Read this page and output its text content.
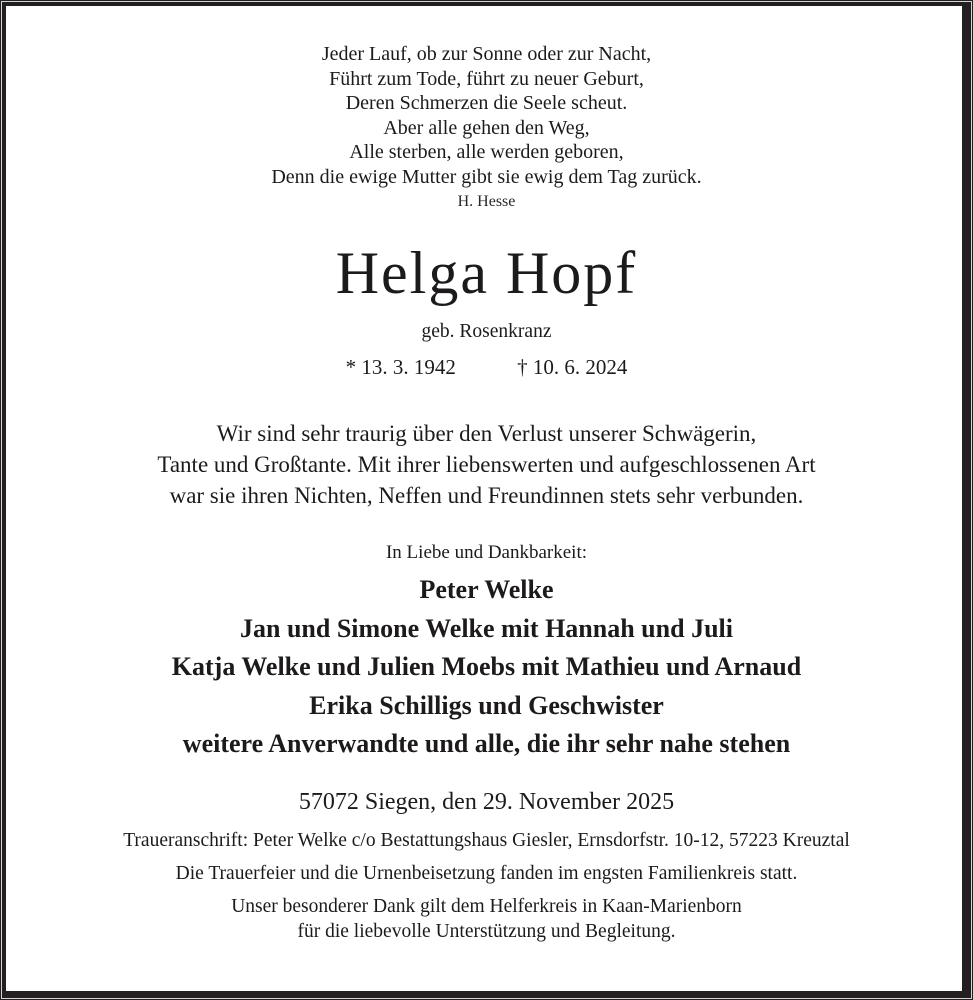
Jeder Lauf, ob zur Sonne oder zur Nacht,
Führt zum Tode, führt zu neuer Geburt,
Deren Schmerzen die Seele scheut.
Aber alle gehen den Weg,
Alle sterben, alle werden geboren,
Denn die ewige Mutter gibt sie ewig dem Tag zurück.
H. Hesse
Helga Hopf
geb. Rosenkranz
* 13. 3. 1942	† 10. 6. 2024
Wir sind sehr traurig über den Verlust unserer Schwägerin,
Tante und Großtante. Mit ihrer liebenswerten und aufgeschlossenen Art
war sie ihren Nichten, Neffen und Freundinnen stets sehr verbunden.
In Liebe und Dankbarkeit:
Peter Welke
Jan und Simone Welke mit Hannah und Juli
Katja Welke und Julien Moebs mit Mathieu und Arnaud
Erika Schilligs und Geschwister
weitere Anverwandte und alle, die ihr sehr nahe stehen
57072 Siegen, den 29. November 2025
Traueranschrift: Peter Welke c/o Bestattungshaus Giesler, Ernsdorfstr. 10-12, 57223 Kreuztal
Die Trauerfeier und die Urnenbeisetzung fanden im engsten Familienkreis statt.
Unser besonderer Dank gilt dem Helferkreis in Kaan-Marienborn
für die liebevolle Unterstützung und Begleitung.
